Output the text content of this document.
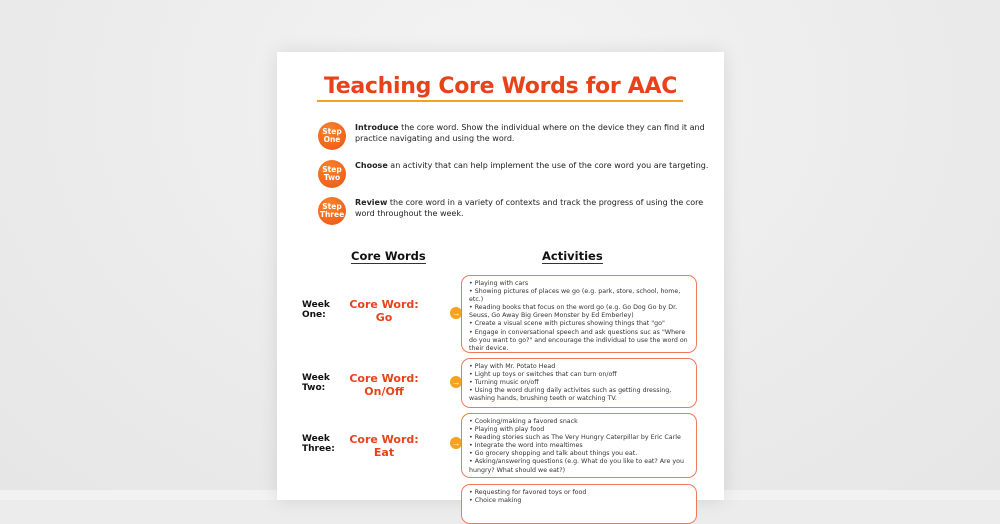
Teaching Core Words for AAC
Step
One
Introduce the core word. Show the individual where on the device they can find it and practice navigating and using the word.
Step
Two
Choose an activity that can help implement the use of the core word you are targeting.
Step
Three
Review the core word in a variety of contexts and track the progress of using the core word throughout the week.
Core Words	Activities
Week
One:
Core Word:
Go	→
• Playing with cars
• Showing pictures of places we go (e.g. park, store, school, home, etc.)
• Reading books that focus on the word go (e.g. Go Dog Go by Dr. Seuss, Go Away Big Green Monster by Ed Emberley)
• Create a visual scene with pictures showing things that "go"
• Engage in conversational speech and ask questions suc as "Where do you want to go?" and encourage the individual to use the word on their device.
Week
Two:
Core Word:
On/Off
→
• Play with Mr. Potato Head
• Light up toys or switches that can turn on/off
• Turning music on/off
• Using the word during daily activites such as getting dressing, washing hands, brushing teeth or watching TV.
Week
Three:
Core Word:
Eat
→
• Cooking/making a favored snack
• Playing with play food
• Reading stories such as The Very Hungry Caterpillar by Eric Carle
• Integrate the word into mealtimes
• Go grocery shopping and talk about things you eat.
• Asking/answering questions (e.g. What do you like to eat? Are you hungry? What should we eat?)
• Requesting for favored toys or food
• Choice making
